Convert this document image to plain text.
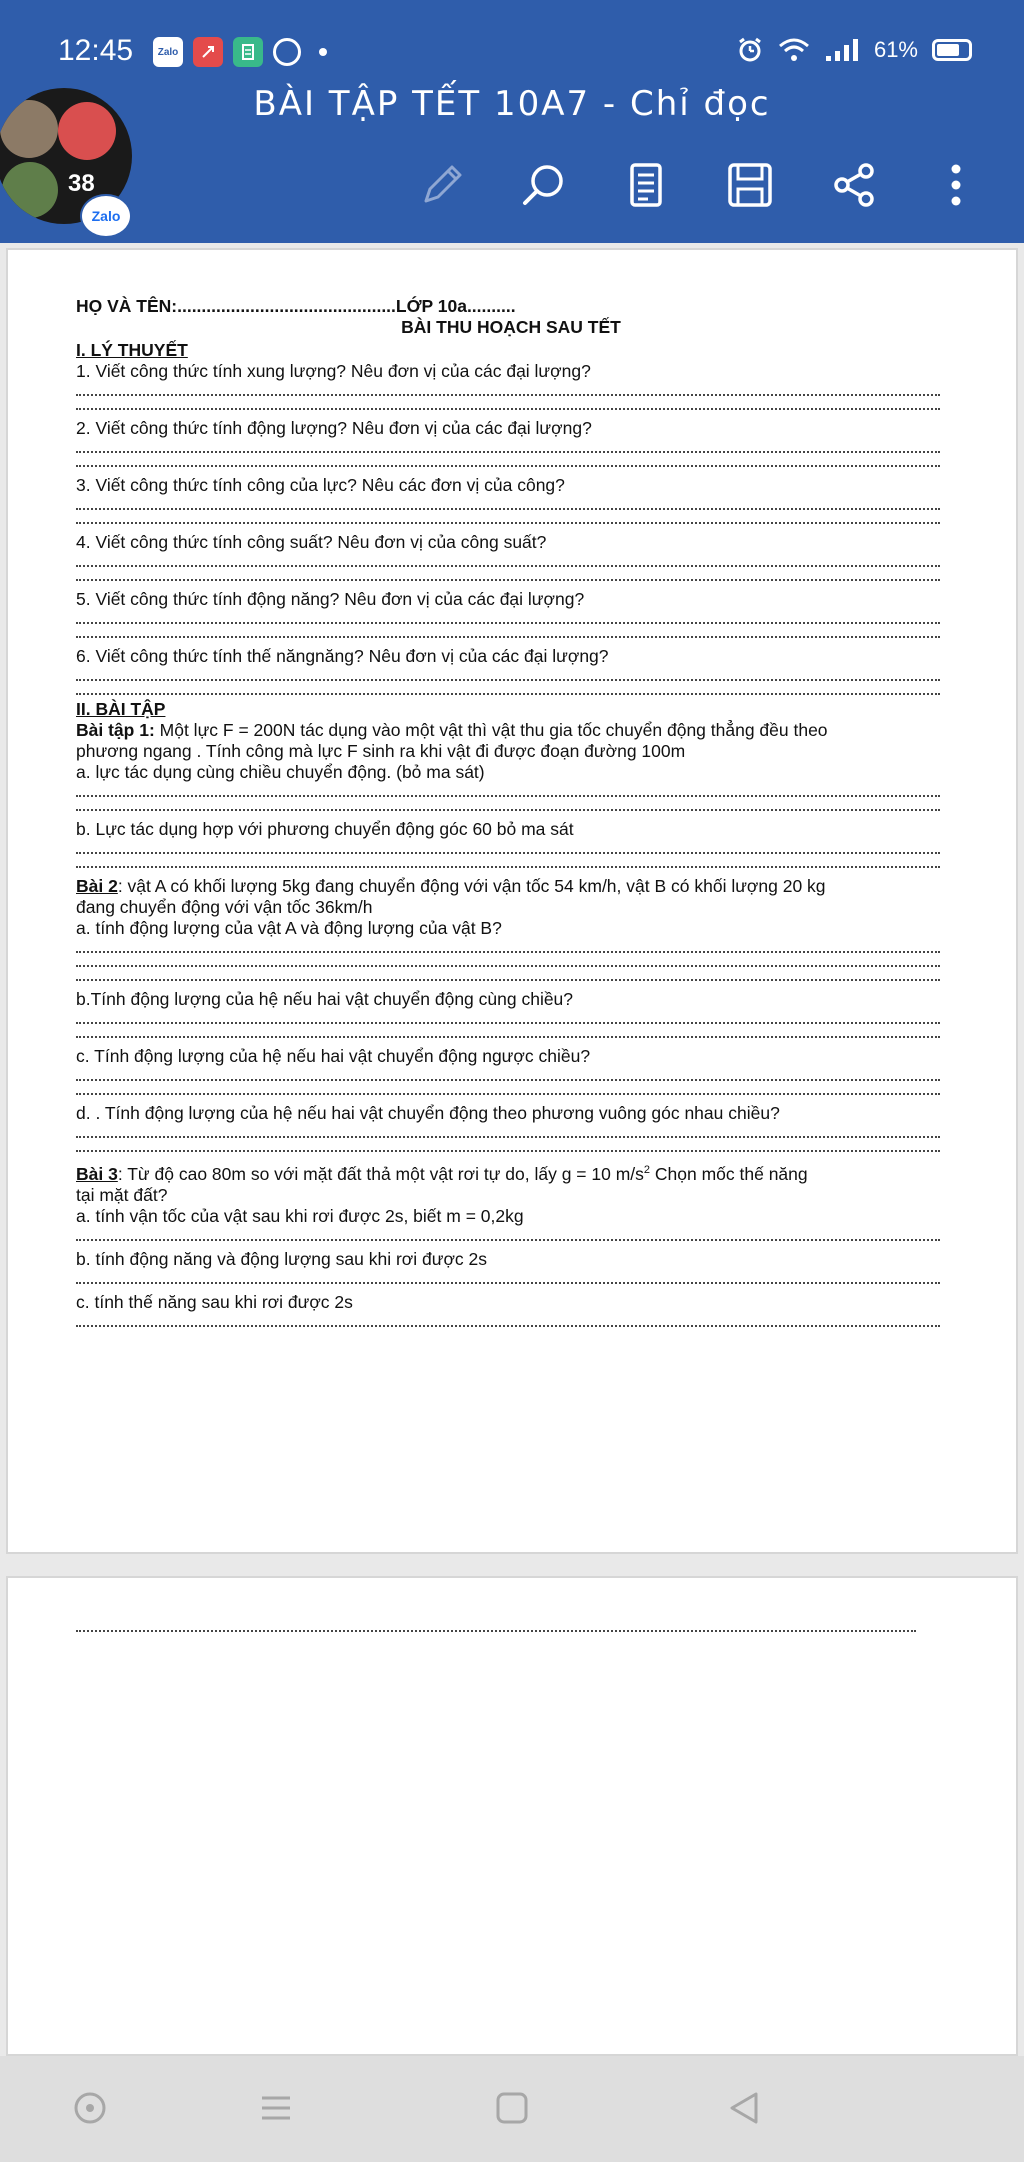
12:45	Zalo	61%
BÀI TẬP TẾT 10A7 - Chỉ đọc
38
Zalo
HỌ VÀ TÊN:.............................................LỚP 10a..........
BÀI THU HOẠCH SAU TẾT
I. LÝ THUYẾT
1. Viết công thức tính xung lượng? Nêu đơn vị của các đại lượng?
2. Viết công thức tính động lượng? Nêu đơn vị của các đại lượng?
3. Viết công thức tính công của lực? Nêu các đơn vị của công?
4. Viết công thức tính công suất? Nêu đơn vị của công suất?
5. Viết công thức tính động năng? Nêu đơn vị của các đại lượng?
6. Viết công thức tính thế năngnăng? Nêu đơn vị của các đại lượng?
II. BÀI TẬP
Bài tập 1: Một lực F = 200N tác dụng vào một vật thì vật thu gia tốc chuyển động thẳng đều theo
phương ngang . Tính công mà lực F sinh ra khi vật đi được đoạn đường 100m
a. lực tác dụng cùng chiều chuyển động. (bỏ ma sát)
b. Lực tác dụng hợp với phương chuyển động góc 60 bỏ ma sát
Bài 2: vật A có khối lượng 5kg đang chuyển động với vận tốc 54 km/h, vật B có khối lượng 20 kg
đang chuyển động với vận tốc 36km/h
a. tính động lượng của vật A và động lượng của vật B?
b.Tính động lượng của hệ nếu hai vật chuyển động cùng chiều?
c. Tính động lượng của hệ nếu hai vật chuyển động ngược chiều?
d. . Tính động lượng của hệ nếu hai vật chuyển động theo phương vuông góc nhau chiều?
Bài 3: Từ độ cao 80m so với mặt đất thả một vật rơi tự do, lấy g = 10 $m/s^2$ Chọn mốc thế năng
tại mặt đất?
a. tính vận tốc của vật sau khi rơi được 2s, biết m = 0,2kg
b. tính động năng và động lượng sau khi rơi được 2s
c. tính thế năng sau khi rơi được 2s
